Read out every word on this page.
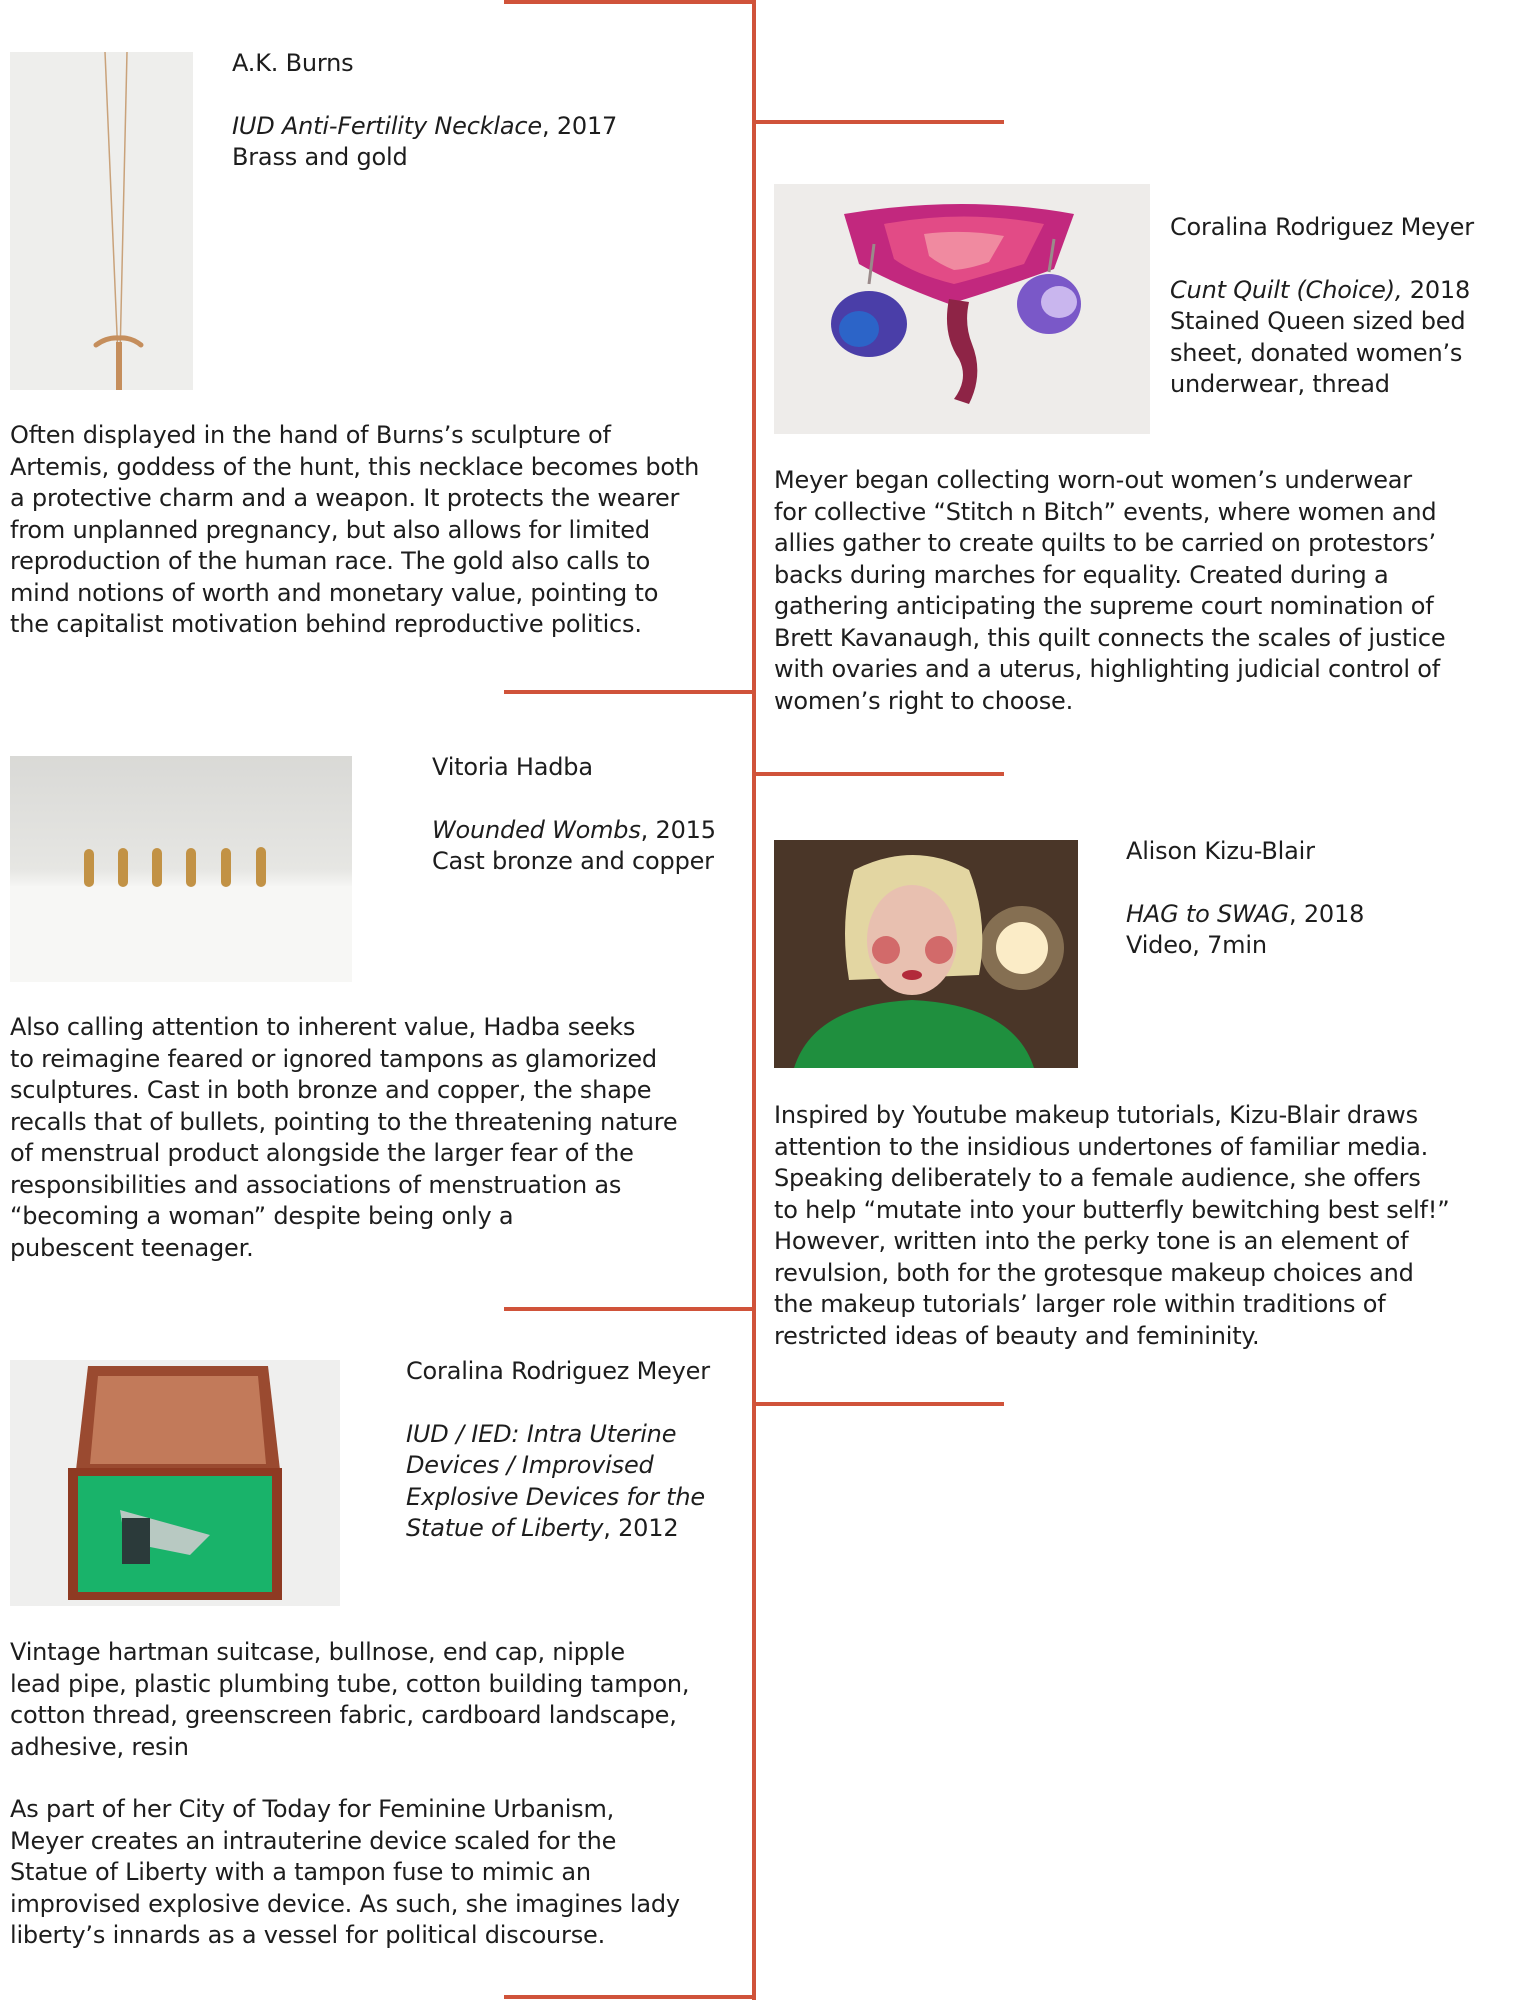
A.K. Burns

IUD Anti-Fertility Necklace, 2017

Brass and gold

Often displayed in the hand of Burns’s sculpture of
Artemis, goddess of the hunt, this necklace becomes both
a protective charm and a weapon. It protects the wearer
from unplanned pregnancy, but also allows for limited
reproduction of the human race. The gold also calls to
mind notions of worth and monetary value, pointing to
the capitalist motivation behind reproductive politics.

Coralina Rodriguez Meyer

Cunt Quilt (Choice), 2018

Stained Queen sized bed
sheet, donated women’s
underwear, thread

Meyer began collecting worn-out women’s underwear
for collective “Stitch n Bitch” events, where women and
allies gather to create quilts to be carried on protestors’
backs during marches for equality. Created during a
gathering anticipating the supreme court nomination of
Brett Kavanaugh, this quilt connects the scales of justice
with ovaries and a uterus, highlighting judicial control of
women’s right to choose.

Vitoria Hadba

Wounded Wombs, 2015

Cast bronze and copper

Also calling attention to inherent value, Hadba seeks
to reimagine feared or ignored tampons as glamorized
sculptures. Cast in both bronze and copper, the shape
recalls that of bullets, pointing to the threatening nature
of menstrual product alongside the larger fear of the
responsibilities and associations of menstruation as
“becoming a woman” despite being only a
pubescent teenager.

Alison Kizu-Blair

HAG to SWAG, 2018

Video, 7min

Inspired by Youtube makeup tutorials, Kizu-Blair draws
attention to the insidious undertones of familiar media.
Speaking deliberately to a female audience, she offers
to help “mutate into your butterfly bewitching best self!”
However, written into the perky tone is an element of
revulsion, both for the grotesque makeup choices and
the makeup tutorials’ larger role within traditions of
restricted ideas of beauty and femininity.

Coralina Rodriguez Meyer

IUD / IED: Intra Uterine
Devices / Improvised
Explosive Devices for the
Statue of Liberty, 2012

Vintage hartman suitcase, bullnose, end cap, nipple
lead pipe, plastic plumbing tube, cotton building tampon,
cotton thread, greenscreen fabric, cardboard landscape,
adhesive, resin

As part of her City of Today for Feminine Urbanism,
Meyer creates an intrauterine device scaled for the
Statue of Liberty with a tampon fuse to mimic an
improvised explosive device. As such, she imagines lady
liberty’s innards as a vessel for political discourse.
